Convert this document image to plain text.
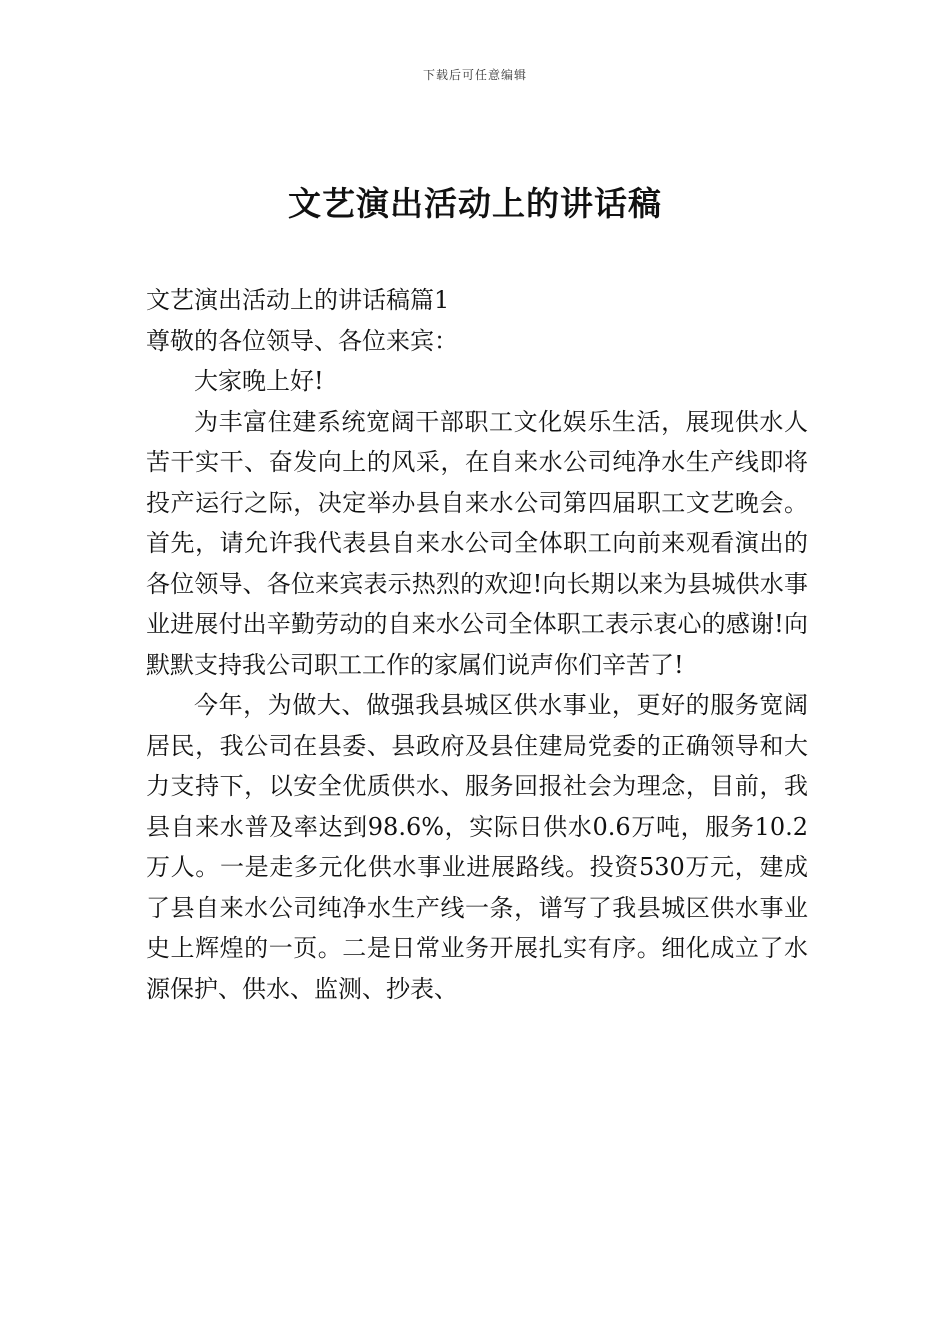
下载后可任意编辑
文艺演出活动上的讲话稿

文艺演出活动上的讲话稿篇1

尊敬的各位领导、各位来宾：

大家晚上好!

为丰富住建系统宽阔干部职工文化娱乐生活，展现供水人苦干实干、奋发向上的风采，在自来水公司纯净水生产线即将投产运行之际，决定举办县自来水公司第四届职工文艺晚会。首先，请允许我代表县自来水公司全体职工向前来观看演出的各位领导、各位来宾表示热烈的欢迎!向长期以来为县城供水事业进展付出辛勤劳动的自来水公司全体职工表示衷心的感谢!向默默支持我公司职工工作的家属们说声你们辛苦了!

今年，为做大、做强我县城区供水事业，更好的服务宽阔居民，我公司在县委、县政府及县住建局党委的正确领导和大力支持下，以安全优质供水、服务回报社会为理念，目前，我县自来水普及率达到98.6%，实际日供水0.6万吨，服务10.2万人。一是走多元化供水事业进展路线。投资530万元，建成了县自来水公司纯净水生产线一条，谱写了我县城区供水事业史上辉煌的一页。二是日常业务开展扎实有序。细化成立了水源保护、供水、监测、抄表、
